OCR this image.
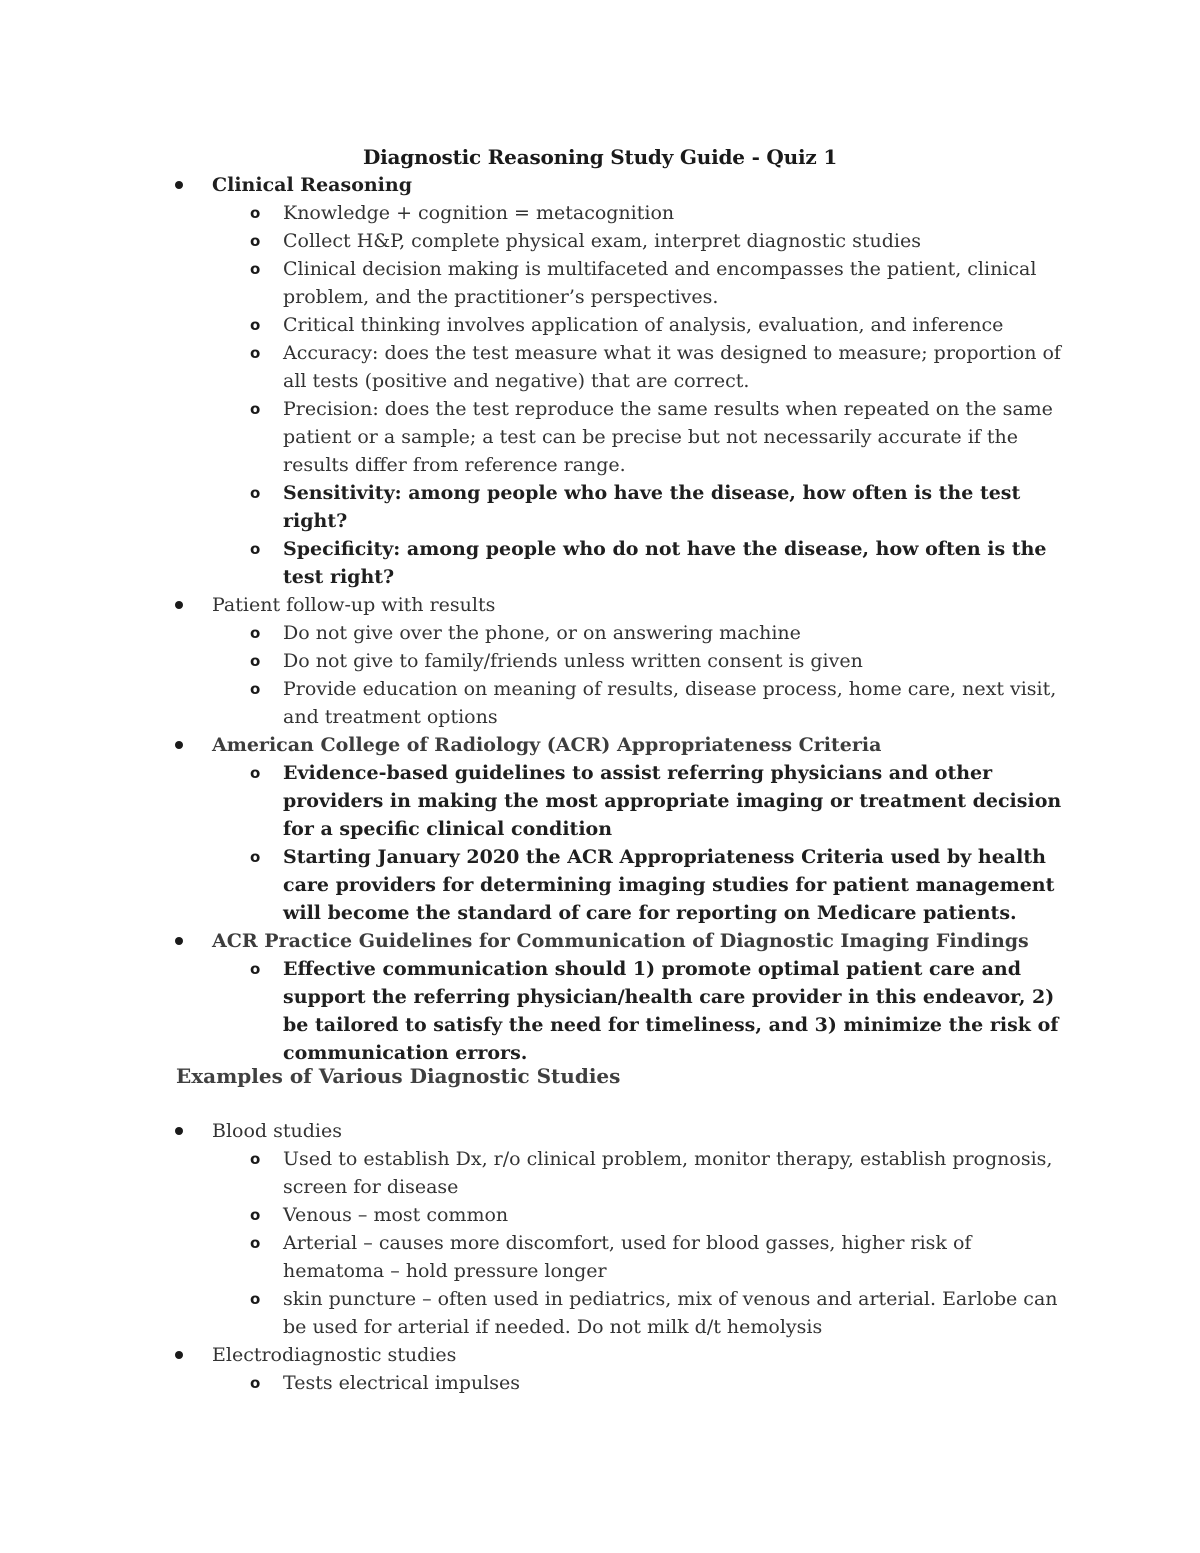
Diagnostic Reasoning Study Guide - Quiz 1
Clinical Reasoning
o Knowledge + cognition = metacognition
o Collect H&P, complete physical exam, interpret diagnostic studies
o Clinical decision making is multifaceted and encompasses the patient, clinical problem, and the practitioner’s perspectives.
o Critical thinking involves application of analysis, evaluation, and inference
o Accuracy: does the test measure what it was designed to measure; proportion of all tests (positive and negative) that are correct.
o Precision: does the test reproduce the same results when repeated on the same patient or a sample; a test can be precise but not necessarily accurate if the results differ from reference range.
o Sensitivity: among people who have the disease, how often is the test right?
o Specificity: among people who do not have the disease, how often is the test right?
Patient follow-up with results
o Do not give over the phone, or on answering machine
o Do not give to family/friends unless written consent is given
o Provide education on meaning of results, disease process, home care, next visit, and treatment options
American College of Radiology (ACR) Appropriateness Criteria
o Evidence-based guidelines to assist referring physicians and other providers in making the most appropriate imaging or treatment decision for a specific clinical condition
o Starting January 2020 the ACR Appropriateness Criteria used by health care providers for determining imaging studies for patient management will become the standard of care for reporting on Medicare patients.
ACR Practice Guidelines for Communication of Diagnostic Imaging Findings
o Effective communication should 1) promote optimal patient care and support the referring physician/health care provider in this endeavor, 2) be tailored to satisfy the need for timeliness, and 3) minimize the risk of communication errors.
Examples of Various Diagnostic Studies
Blood studies
o Used to establish Dx, r/o clinical problem, monitor therapy, establish prognosis, screen for disease
o Venous – most common
o Arterial – causes more discomfort, used for blood gasses, higher risk of hematoma – hold pressure longer
o skin puncture – often used in pediatrics, mix of venous and arterial. Earlobe can be used for arterial if needed. Do not milk d/t hemolysis
Electrodiagnostic studies
o Tests electrical impulses
